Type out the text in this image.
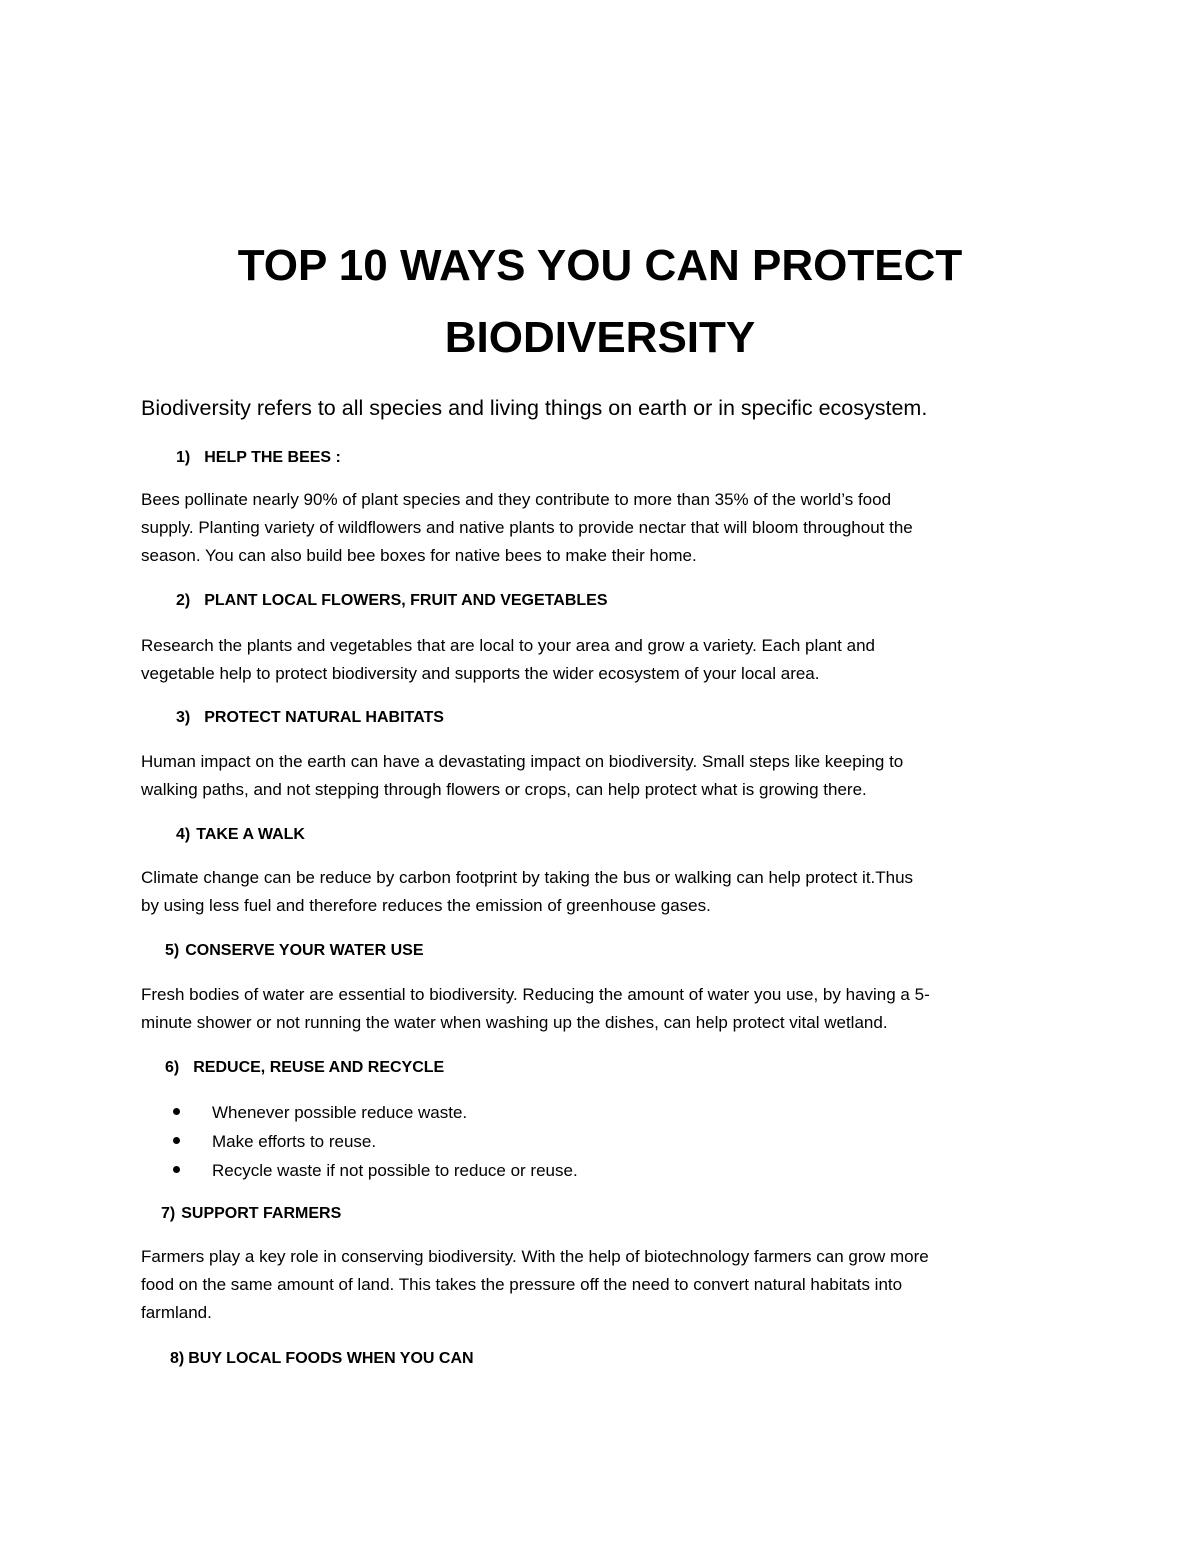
TOP 10 WAYS YOU CAN PROTECT
BIODIVERSITY

Biodiversity refers to all species and living things on earth or in specific ecosystem.

1) HELP THE BEES :
Bees pollinate nearly 90% of plant species and they contribute to more than 35% of the world’s food
supply. Planting variety of wildflowers and native plants to provide nectar that will bloom throughout the
season. You can also build bee boxes for native bees to make their home.
2) PLANT LOCAL FLOWERS, FRUIT AND VEGETABLES
Research the plants and vegetables that are local to your area and grow a variety. Each plant and
vegetable help to protect biodiversity and supports the wider ecosystem of your local area.
3) PROTECT NATURAL HABITATS
Human impact on the earth can have a devastating impact on biodiversity. Small steps like keeping to
walking paths, and not stepping through flowers or crops, can help protect what is growing there.
4) TAKE A WALK
Climate change can be reduce by carbon footprint by taking the bus or walking can help protect it.Thus
by using less fuel and therefore reduces the emission of greenhouse gases.
5) CONSERVE YOUR WATER USE
Fresh bodies of water are essential to biodiversity. Reducing the amount of water you use, by having a 5-
minute shower or not running the water when washing up the dishes, can help protect vital wetland.
6) REDUCE, REUSE AND RECYCLE
Whenever possible reduce waste.
Make efforts to reuse.
Recycle waste if not possible to reduce or reuse.
7) SUPPORT FARMERS
Farmers play a key role in conserving biodiversity. With the help of biotechnology farmers can grow more
food on the same amount of land. This takes the pressure off the need to convert natural habitats into
farmland.
8) BUY LOCAL FOODS WHEN YOU CAN
